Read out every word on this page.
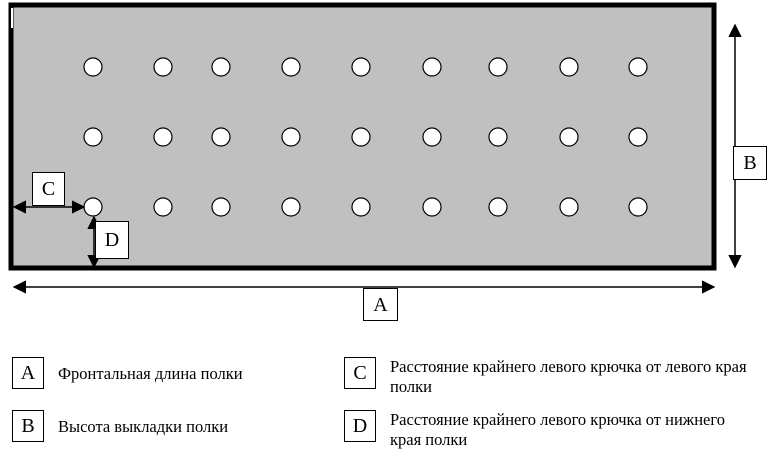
A
B
C
D
A	Фронтальная длина полки
B	Высота выкладки полки
C	Расстояние крайнего левого крючка от левого края полки
D	Расстояние крайнего левого крючка от нижнего края полки
